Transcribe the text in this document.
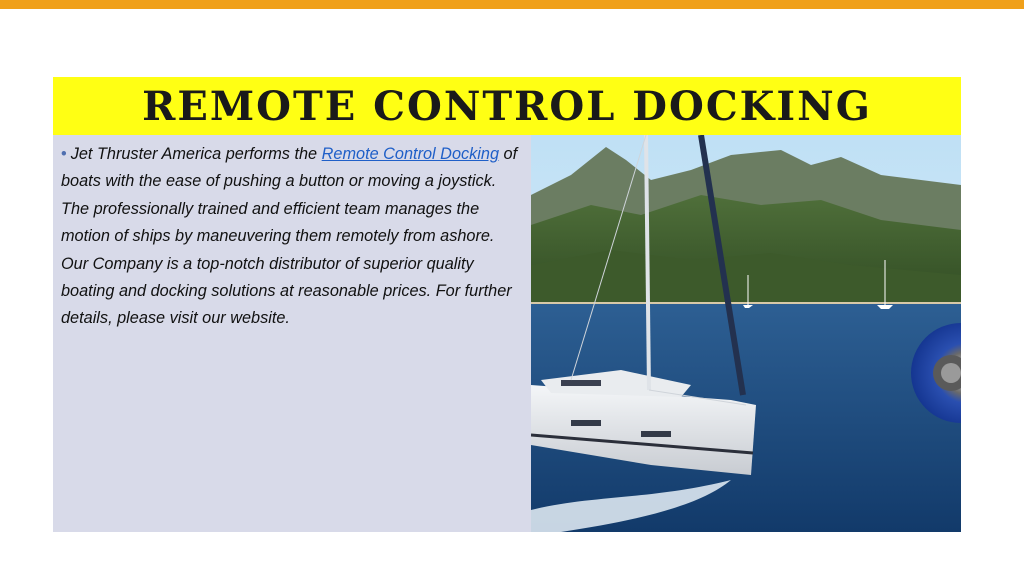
REMOTE CONTROL DOCKING
• Jet Thruster America performs the Remote Control Docking of boats with the ease of pushing a button or moving a joystick. The professionally trained and efficient team manages the motion of ships by maneuvering them remotely from ashore. Our Company is a top-notch distributor of superior quality boating and docking solutions at reasonable prices. For further details, please visit our website.
